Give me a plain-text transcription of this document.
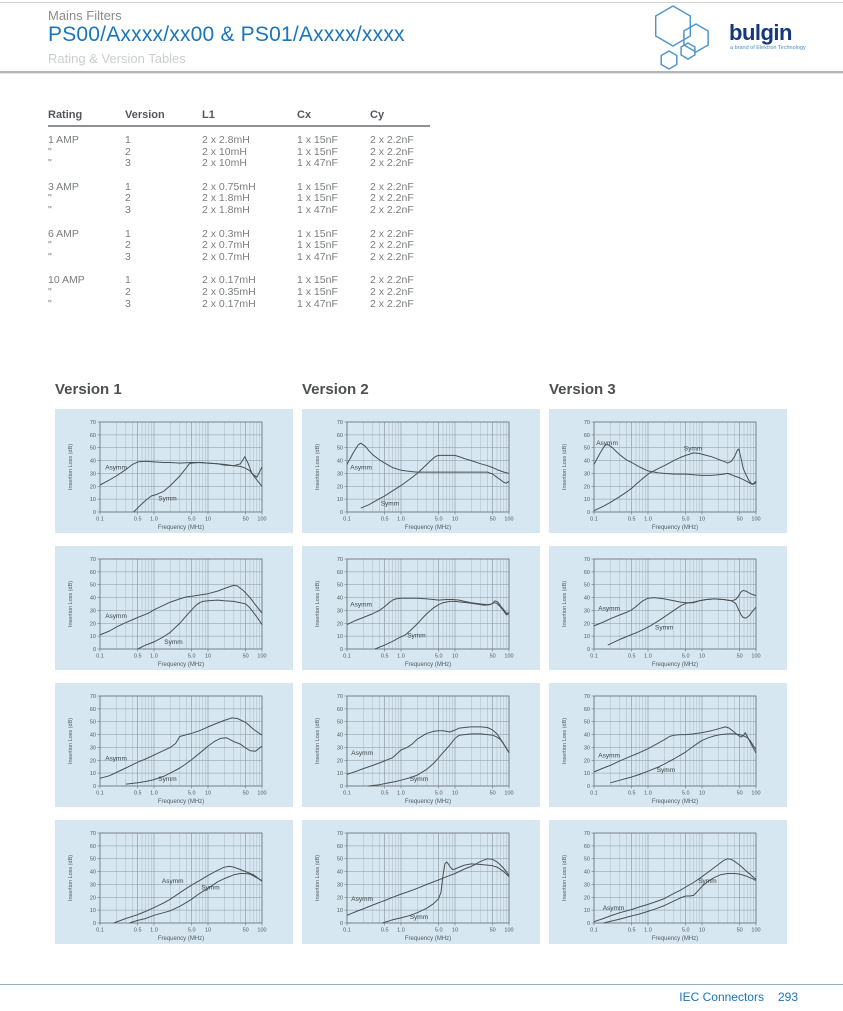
Mains Filters
PS00/Axxxx/xx00 & PS01/Axxxx/xxxx
Rating & Version Tables
bulgin
a brand of Elektron Technology
Rating	Version	L1	Cx	Cy
1 AMP	1	2 x 2.8mH	1 x 15nF	2 x 2.2nF
"	2	2 x 10mH	1 x 15nF	2 x 2.2nF
"	3	2 x 10mH	1 x 47nF	2 x 2.2nF
3 AMP	1	2 x 0.75mH	1 x 15nF	2 x 2.2nF
"	2	2 x 1.8mH	1 x 15nF	2 x 2.2nF
"	3	2 x 1.8mH	1 x 47nF	2 x 2.2nF
6 AMP	1	2 x 0.3mH	1 x 15nF	2 x 2.2nF
"	2	2 x 0.7mH	1 x 15nF	2 x 2.2nF
"	3	2 x 0.7mH	1 x 47nF	2 x 2.2nF
10 AMP	1	2 x 0.17mH	1 x 15nF	2 x 2.2nF
"	2	2 x 0.35mH	1 x 15nF	2 x 2.2nF
"	3	2 x 0.17mH	1 x 47nF	2 x 2.2nF
Version 1	Version 2	Version 3
0.1	0.5 1.0	5.0 10	50 100
0
10
20
30
40
50
60
70
Frequency (MHz)
Insertion Loss (dB)	Asymm
Symm
0.1	0.5 1.0	5.0 10	50 100
0
10
20
30
40
50
60
70
Frequency (MHz)
Insertion Loss (dB)	Asymm
Symm
0.1	0.5 1.0	5.0 10	50 100
0
10
20
30
40
50
60
70
Frequency (MHz)
Insertion Loss (dB)
Asymm
Symm
0.1	0.5 1.0	5.0 10	50 100
0
10
20
30
40
50
60
70
Frequency (MHz)
Insertion Loss (dB)	Asymm
Symm
0.1	0.5 1.0	5.0 10	50 100
0
10
20
30
40
50
60
70
Frequency (MHz)
Insertion Loss (dB)	Asymm
Symm
0.1	0.5 1.0	5.0 10	50 100
0
10
20
30
40
50
60
70
Frequency (MHz)
Insertion Loss (dB)	Asymm
Symm
0.1	0.5 1.0	5.0 10	50 100
0
10
20
30
40
50
60
70
Frequency (MHz)
Insertion Loss (dB)	Asymm
Symm
0.1	0.5 1.0	5.0 10	50 100
0
10
20
30
40
50
60
70
Frequency (MHz)
Insertion Loss (dB)	Asymm
Symm
0.1	0.5 1.0	5.0 10	50 100
0
10
20
30
40
50
60
70
Frequency (MHz)
Insertion Loss (dB)	Asymm
Symm
0.1	0.5 1.0	5.0 10	50 100
0
10
20
30
40
50
60
70
Frequency (MHz)
Insertion Loss (dB)	Asymm
Symm
0.1	0.5 1.0	5.0 10	50 100
0
10
20
30
40
50
60
70
Frequency (MHz)
Insertion Loss (dB)	Asymm
Symm
0.1	0.5 1.0	5.0 10	50 100
0
10
20
30
40
50
60
70
Frequency (MHz)
Insertion Loss (dB)
Asymm
Symm
IEC Connectors 293
